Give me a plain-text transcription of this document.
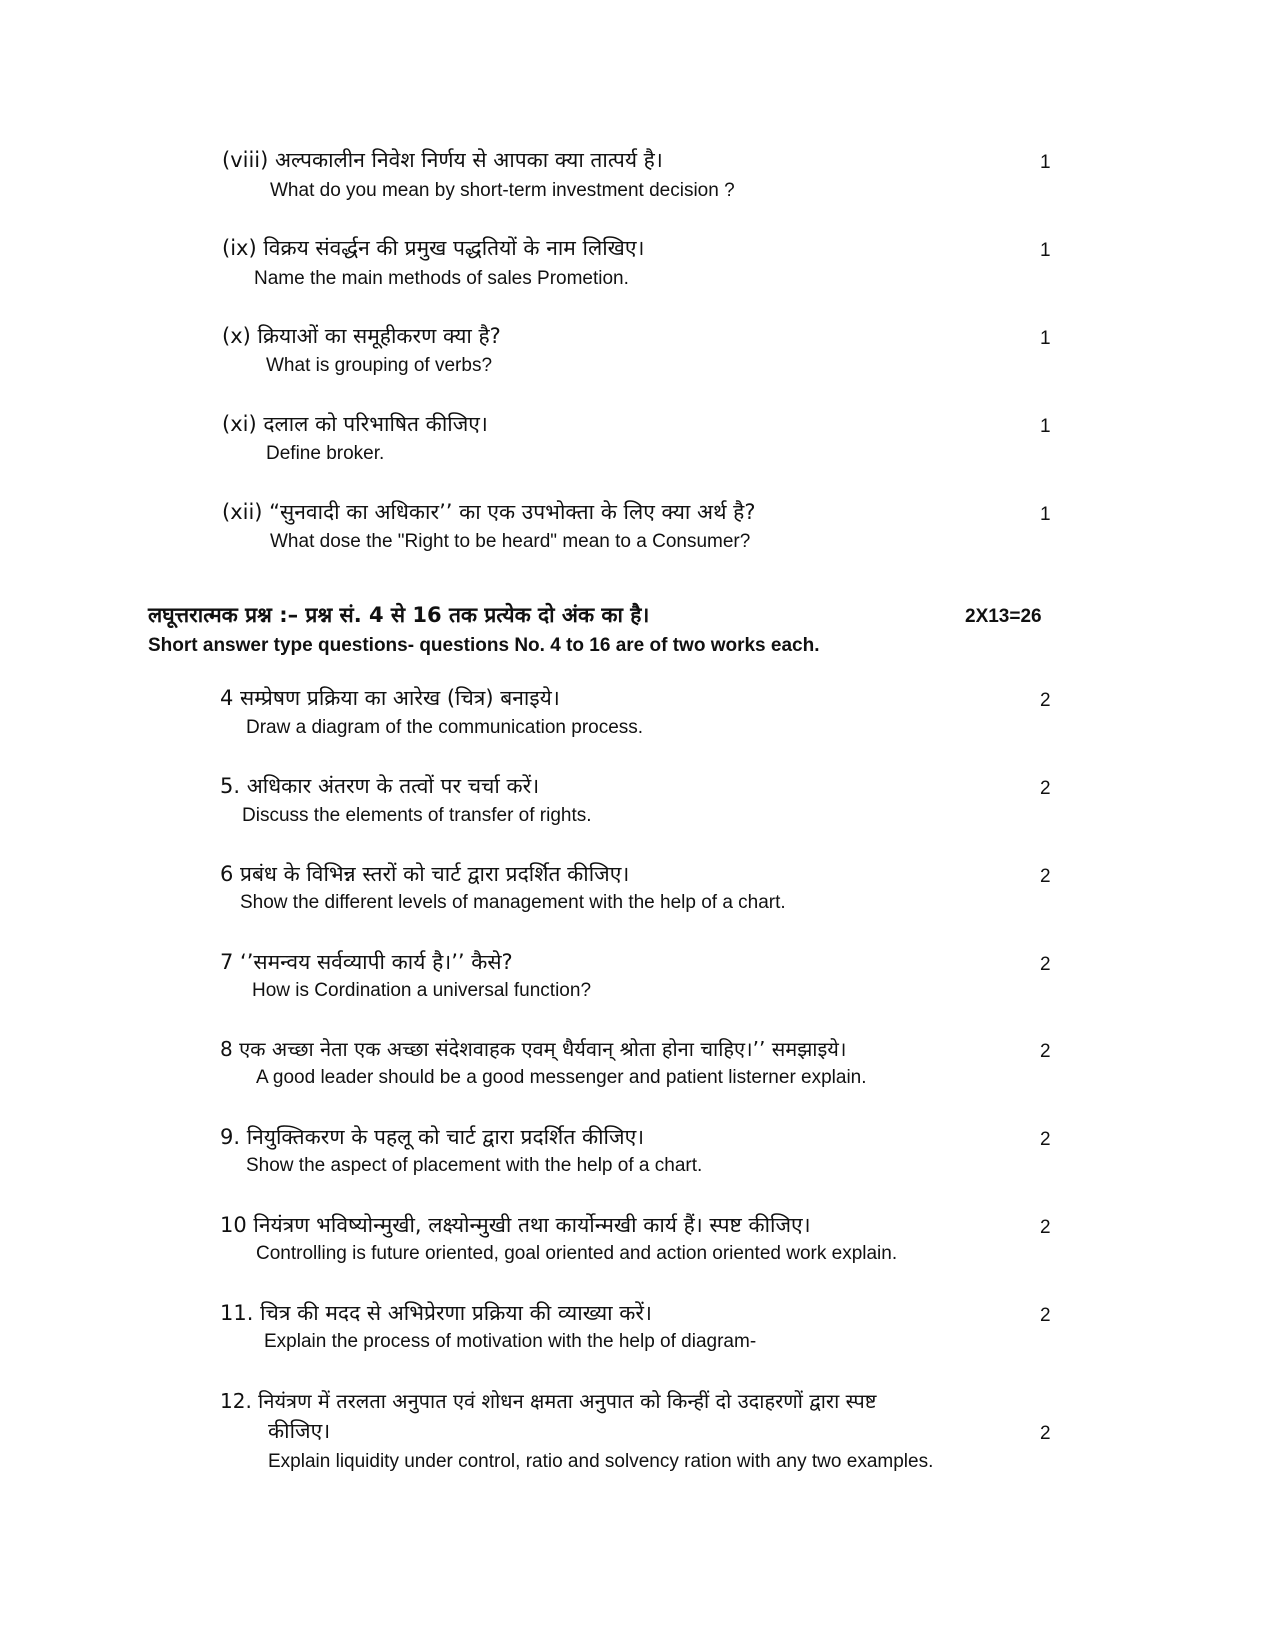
(viii) अल्पकालीन निवेश निर्णय से आपका क्या तात्पर्य है।	1
What do you mean by short-term investment decision ?
(ix) विक्रय संवर्द्धन की प्रमुख पद्धतियों के नाम लिखिए।	1
Name the main methods of sales Prometion.
(x) क्रियाओं का समूहीकरण क्या है?	1
What is grouping of verbs?
(xi) दलाल को परिभाषित कीजिए।	1
Define broker.
(xii) “सुनवादी का अधिकार’’ का एक उपभोक्ता के लिए क्या अर्थ है?	1
What dose the "Right to be heard" mean to a Consumer?
लघूत्तरात्मक प्रश्न :– प्रश्न सं. 4 से 16 तक प्रत्येक दो अंक का है।	2X13=26
Short answer type questions- questions No. 4 to 16 are of two works each.
4 सम्प्रेषण प्रक्रिया का आरेख (चित्र) बनाइये।	2
Draw a diagram of the communication process.
5. अधिकार अंतरण के तत्वों पर चर्चा करें।	2
Discuss the elements of transfer of rights.
6 प्रबंध के विभिन्न स्तरों को चार्ट द्वारा प्रदर्शित कीजिए।	2
Show the different levels of management with the help of a chart.
7 ‘’समन्वय सर्वव्यापी कार्य है।’’ कैसे?	2
How is Cordination a universal function?
8 एक अच्छा नेता एक अच्छा संदेशवाहक एवम् धैर्यवान् श्रोता होना चाहिए।’’ समझाइये।	2
A good leader should be a good messenger and patient listerner explain.
9. नियुक्तिकरण के पहलू को चार्ट द्वारा प्रदर्शित कीजिए।	2
Show the aspect of placement with the help of a chart.
10 नियंत्रण भविष्योन्मुखी, लक्ष्योन्मुखी तथा कार्योन्मखी कार्य हैं। स्पष्ट कीजिए।	2
Controlling is future oriented, goal oriented and action oriented work explain.
11. चित्र की मदद से अभिप्रेरणा प्रक्रिया की व्याख्या करें।	2
Explain the process of motivation with the help of diagram-
12. नियंत्रण में तरलता अनुपात एवं शोधन क्षमता अनुपात को किन्हीं दो उदाहरणों द्वारा स्पष्ट
कीजिए।	2
Explain liquidity under control, ratio and solvency ration with any two examples.
